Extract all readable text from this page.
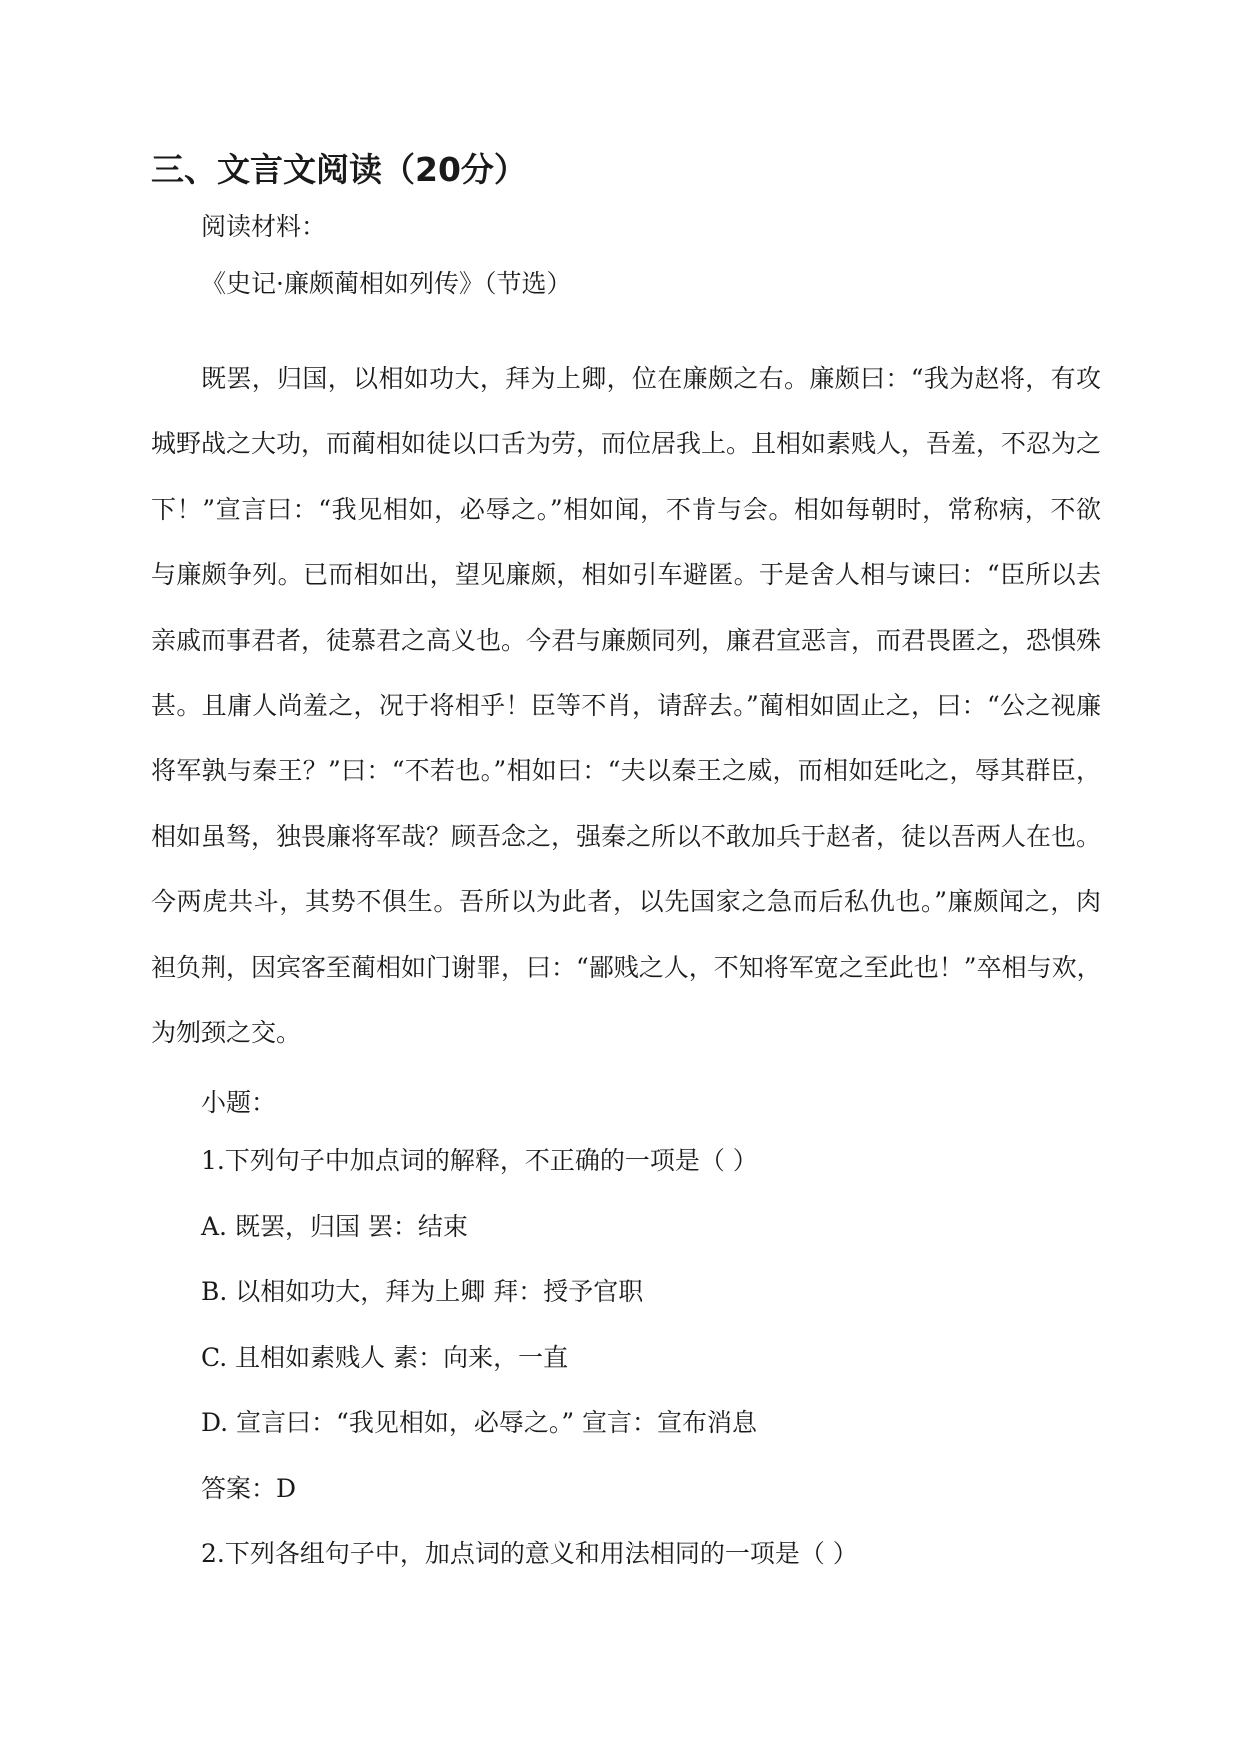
三、文言文阅读（20分）

阅读材料：

《史记·廉颇蔺相如列传》（节选）

既罢，归国，以相如功大，拜为上卿，位在廉颇之右。廉颇曰：“我为赵将，有攻
城野战之大功，而蔺相如徒以口舌为劳，而位居我上。且相如素贱人，吾羞，不忍为之
下！”宣言曰：“我见相如，必辱之。”相如闻，不肯与会。相如每朝时，常称病，不欲
与廉颇争列。已而相如出，望见廉颇，相如引车避匿。于是舍人相与谏曰：“臣所以去
亲戚而事君者，徒慕君之高义也。今君与廉颇同列，廉君宣恶言，而君畏匿之，恐惧殊
甚。且庸人尚羞之，况于将相乎！臣等不肖，请辞去。”蔺相如固止之，曰：“公之视廉
将军孰与秦王？”曰：“不若也。”相如曰：“夫以秦王之威，而相如廷叱之，辱其群臣，
相如虽驽，独畏廉将军哉？顾吾念之，强秦之所以不敢加兵于赵者，徒以吾两人在也。
今两虎共斗，其势不俱生。吾所以为此者，以先国家之急而后私仇也。”廉颇闻之，肉
袒负荆，因宾客至蔺相如门谢罪，曰：“鄙贱之人，不知将军宽之至此也！”卒相与欢，
为刎颈之交。

小题：

1.下列句子中加点词的解释，不正确的一项是（ ）

A. 既罢，归国 罢：结束

B. 以相如功大，拜为上卿 拜：授予官职

C. 且相如素贱人 素：向来，一直

D. 宣言曰：“我见相如，必辱之。” 宣言：宣布消息

答案：D

2.下列各组句子中，加点词的意义和用法相同的一项是（ ）
